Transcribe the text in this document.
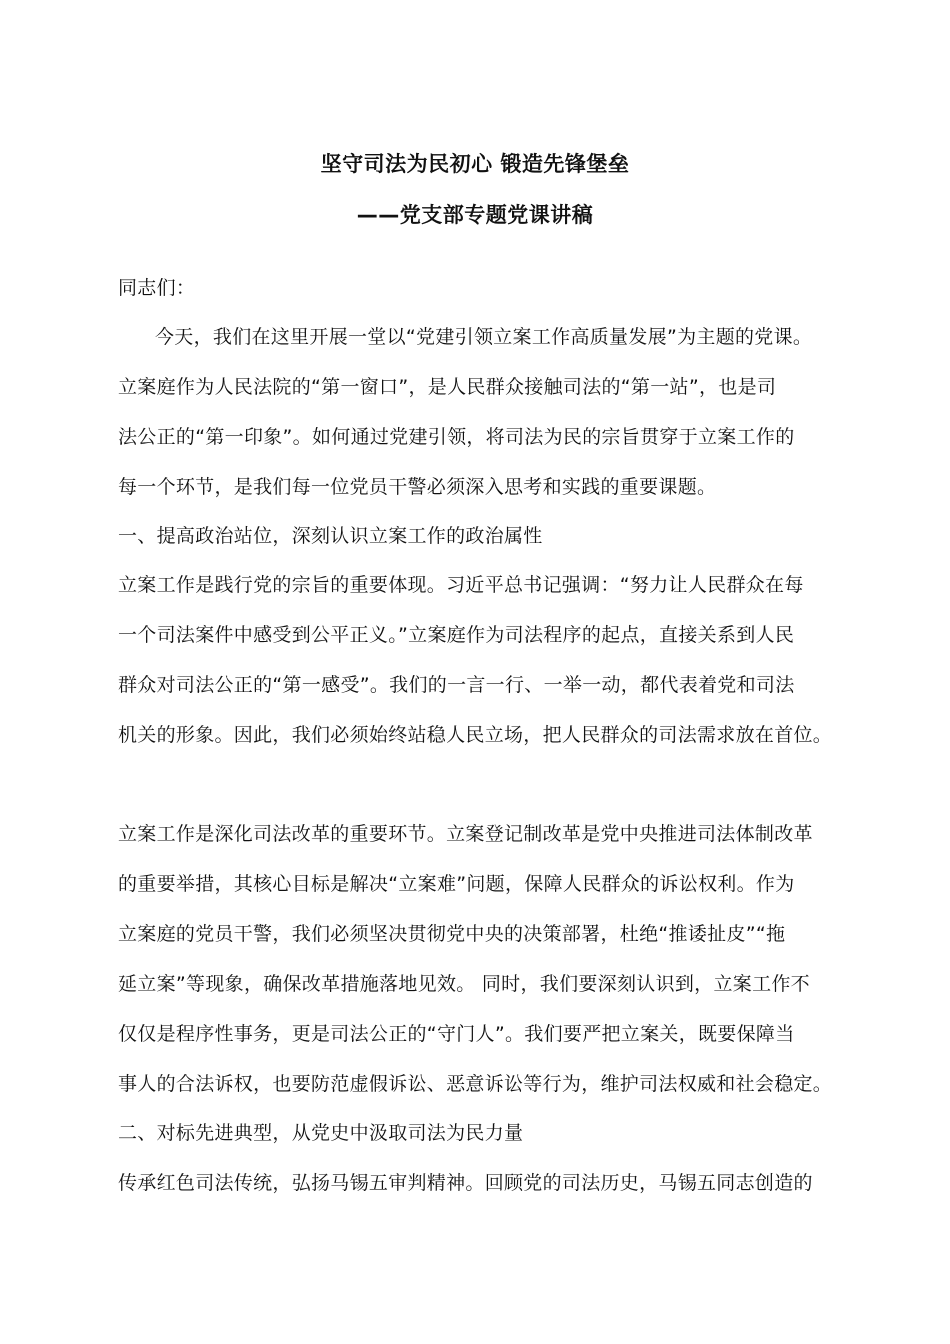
坚守司法为民初心 锻造先锋堡垒
——党支部专题党课讲稿
同志们：
今天，我们在这里开展一堂以“党建引领立案工作高质量发展”为主题的党课。
立案庭作为人民法院的“第一窗口”，是人民群众接触司法的“第一站”，也是司
法公正的“第一印象”。如何通过党建引领，将司法为民的宗旨贯穿于立案工作的
每一个环节，是我们每一位党员干警必须深入思考和实践的重要课题。
一、提高政治站位，深刻认识立案工作的政治属性
立案工作是践行党的宗旨的重要体现。习近平总书记强调：“努力让人民群众在每
一个司法案件中感受到公平正义。”立案庭作为司法程序的起点，直接关系到人民
群众对司法公正的“第一感受”。我们的一言一行、一举一动，都代表着党和司法
机关的形象。因此，我们必须始终站稳人民立场，把人民群众的司法需求放在首位。
立案工作是深化司法改革的重要环节。立案登记制改革是党中央推进司法体制改革
的重要举措，其核心目标是解决“立案难”问题，保障人民群众的诉讼权利。作为
立案庭的党员干警，我们必须坚决贯彻党中央的决策部署，杜绝“推诿扯皮”“拖
延立案”等现象，确保改革措施落地见效。 同时，我们要深刻认识到，立案工作不
仅仅是程序性事务，更是司法公正的“守门人”。我们要严把立案关，既要保障当
事人的合法诉权，也要防范虚假诉讼、恶意诉讼等行为，维护司法权威和社会稳定。
二、对标先进典型，从党史中汲取司法为民力量
传承红色司法传统，弘扬马锡五审判精神。回顾党的司法历史，马锡五同志创造的
